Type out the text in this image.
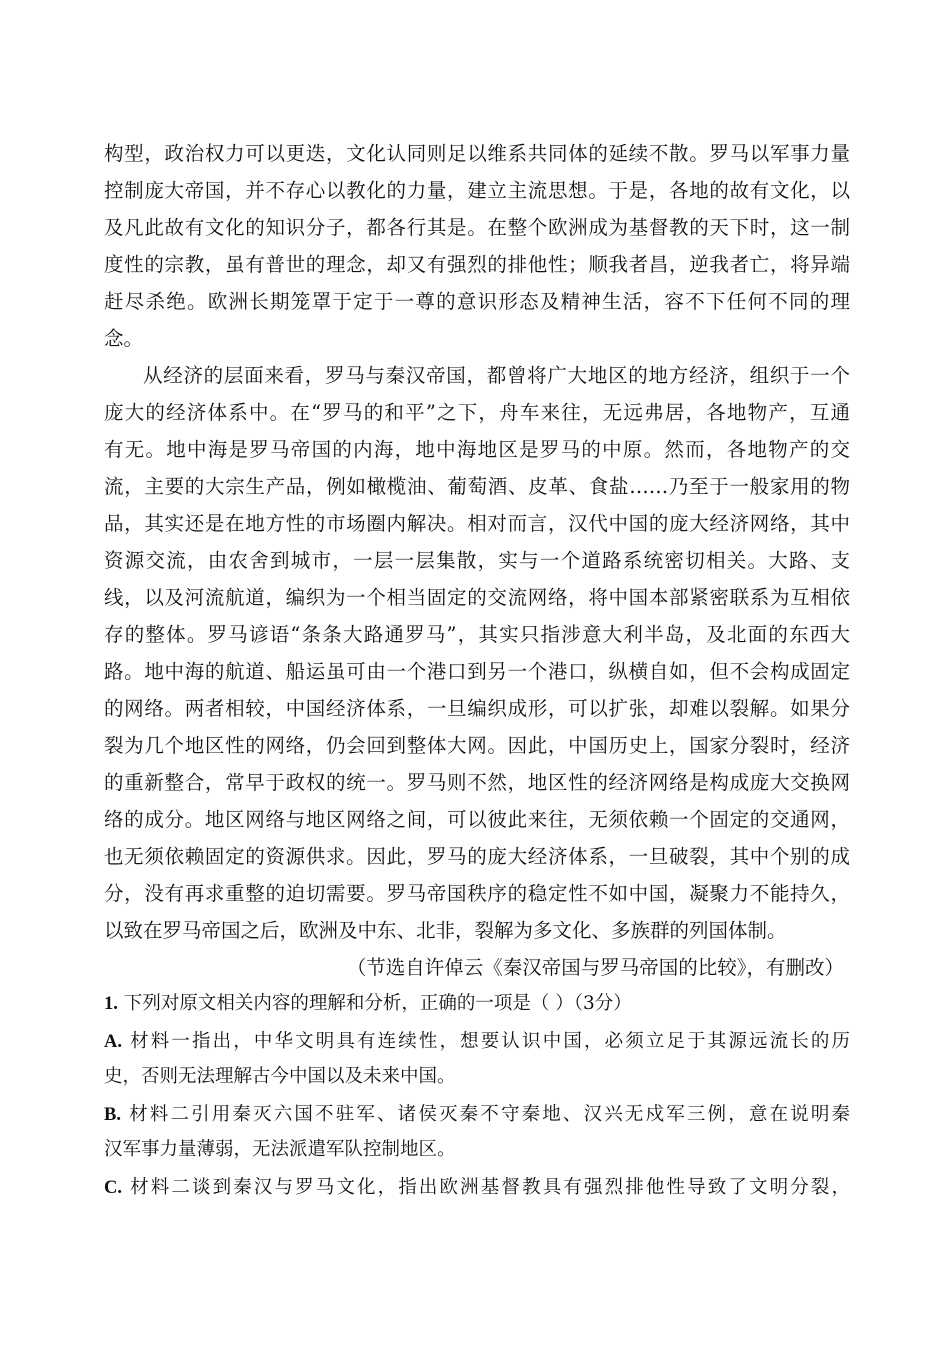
构型，政治权力可以更迭，文化认同则足以维系共同体的延续不散。罗马以军事力量
控制庞大帝国，并不存心以教化的力量，建立主流思想。于是，各地的故有文化，以
及凡此故有文化的知识分子，都各行其是。在整个欧洲成为基督教的天下时，这一制
度性的宗教，虽有普世的理念，却又有强烈的排他性；顺我者昌，逆我者亡，将异端
赶尽杀绝。欧洲长期笼罩于定于一尊的意识形态及精神生活，容不下任何不同的理
念。
从经济的层面来看，罗马与秦汉帝国，都曾将广大地区的地方经济，组织于一个
庞大的经济体系中。在“罗马的和平”之下，舟车来往，无远弗居，各地物产，互通
有无。地中海是罗马帝国的内海，地中海地区是罗马的中原。然而，各地物产的交
流，主要的大宗生产品，例如橄榄油、葡萄酒、皮革、食盐……乃至于一般家用的物
品，其实还是在地方性的市场圈内解决。相对而言，汉代中国的庞大经济网络，其中
资源交流，由农舍到城市，一层一层集散，实与一个道路系统密切相关。大路、支
线，以及河流航道，编织为一个相当固定的交流网络，将中国本部紧密联系为互相依
存的整体。罗马谚语“条条大路通罗马”，其实只指涉意大利半岛，及北面的东西大
路。地中海的航道、船运虽可由一个港口到另一个港口，纵横自如，但不会构成固定
的网络。两者相较，中国经济体系，一旦编织成形，可以扩张，却难以裂解。如果分
裂为几个地区性的网络，仍会回到整体大网。因此，中国历史上，国家分裂时，经济
的重新整合，常早于政权的统一。罗马则不然，地区性的经济网络是构成庞大交换网
络的成分。地区网络与地区网络之间，可以彼此来往，无须依赖一个固定的交通网，
也无须依赖固定的资源供求。因此，罗马的庞大经济体系，一旦破裂，其中个别的成
分，没有再求重整的迫切需要。罗马帝国秩序的稳定性不如中国，凝聚力不能持久，
以致在罗马帝国之后，欧洲及中东、北非，裂解为多文化、多族群的列国体制。
（节选自许倬云《秦汉帝国与罗马帝国的比较》，有删改）
1. 下列对原文相关内容的理解和分析，正确的一项是（ ）（3分）
A. 材料一指出，中华文明具有连续性，想要认识中国，必须立足于其源远流长的历
史，否则无法理解古今中国以及未来中国。
B. 材料二引用秦灭六国不驻军、诸侯灭秦不守秦地、汉兴无戍军三例，意在说明秦
汉军事力量薄弱，无法派遣军队控制地区。
C. 材料二谈到秦汉与罗马文化，指出欧洲基督教具有强烈排他性导致了文明分裂，
